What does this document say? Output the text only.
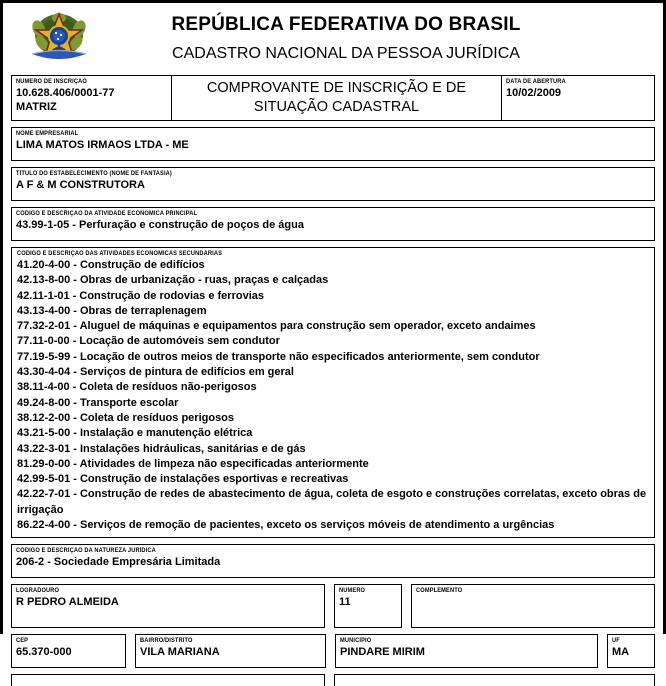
REPÚBLICA FEDERATIVA DO BRASIL
CADASTRO NACIONAL DA PESSOA JURÍDICA
NÚMERO DE INSCRIÇÃO
10.628.406/0001-77
MATRIZ
COMPROVANTE DE INSCRIÇÃO E DE SITUAÇÃO CADASTRAL
DATA DE ABERTURA
10/02/2009
NOME EMPRESARIAL
LIMA MATOS IRMAOS LTDA - ME
TÍTULO DO ESTABELECIMENTO (NOME DE FANTASIA)
A F & M CONSTRUTORA
CÓDIGO E DESCRIÇÃO DA ATIVIDADE ECONÔMICA PRINCIPAL
43.99-1-05 - Perfuração e construção de poços de água
CÓDIGO E DESCRIÇÃO DAS ATIVIDADES ECONÔMICAS SECUNDÁRIAS
41.20-4-00 - Construção de edifícios
42.13-8-00 - Obras de urbanização - ruas, praças e calçadas
42.11-1-01 - Construção de rodovias e ferrovias
43.13-4-00 - Obras de terraplenagem
77.32-2-01 - Aluguel de máquinas e equipamentos para construção sem operador, exceto andaimes
77.11-0-00 - Locação de automóveis sem condutor
77.19-5-99 - Locação de outros meios de transporte não especificados anteriormente, sem condutor
43.30-4-04 - Serviços de pintura de edifícios em geral
38.11-4-00 - Coleta de resíduos não-perigosos
49.24-8-00 - Transporte escolar
38.12-2-00 - Coleta de resíduos perigosos
43.21-5-00 - Instalação e manutenção elétrica
43.22-3-01 - Instalações hidráulicas, sanitárias e de gás
81.29-0-00 - Atividades de limpeza não especificadas anteriormente
42.99-5-01 - Construção de instalações esportivas e recreativas
42.22-7-01 - Construção de redes de abastecimento de água, coleta de esgoto e construções correlatas, exceto obras de irrigação
86.22-4-00 - Serviços de remoção de pacientes, exceto os serviços móveis de atendimento a urgências
CÓDIGO E DESCRIÇÃO DA NATUREZA JURÍDICA
206-2 - Sociedade Empresária Limitada
LOGRADOURO
R PEDRO ALMEIDA
NÚMERO
11
COMPLEMENTO
CEP
65.370-000
BAIRRO/DISTRITO
VILA MARIANA
MUNICÍPIO
PINDARE MIRIM
UF
MA
